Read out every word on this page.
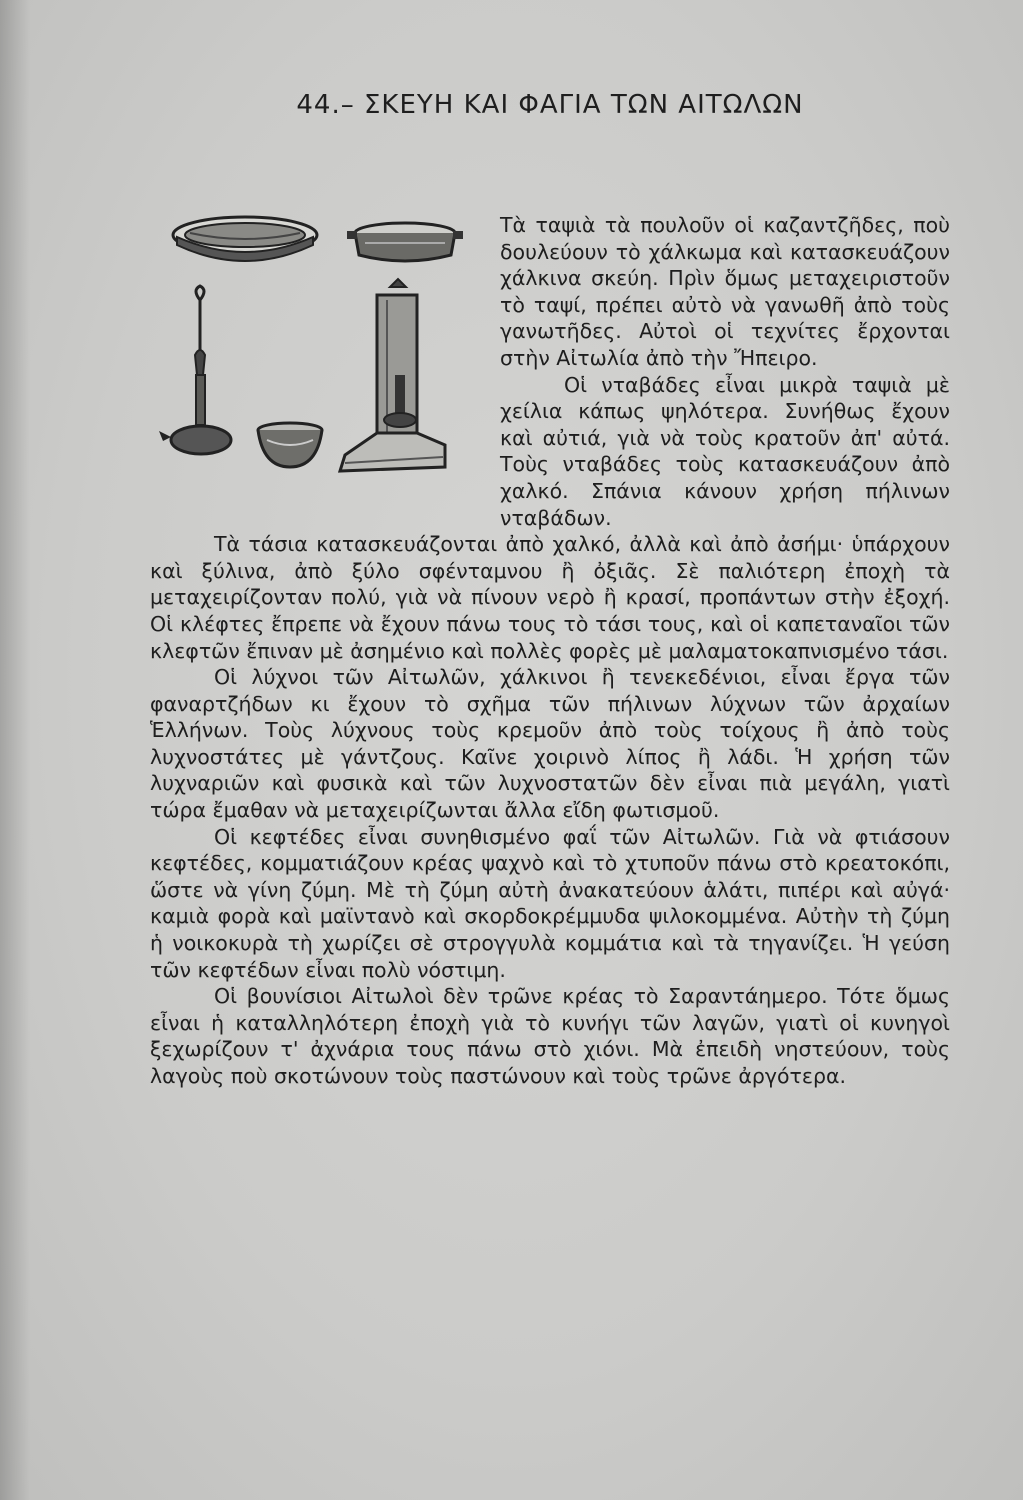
44.– ΣΚΕΥΗ ΚΑΙ ΦΑΓΙΑ ΤΩΝ ΑΙΤΩΛΩΝ

Τὰ ταψιὰ τὰ πουλοῦν οἱ καζαντζῆδες, ποὺ δουλεύουν τὸ χάλκωμα καὶ κατασκευάζουν χάλκινα σκεύη. Πρὶν ὅμως μεταχειριστοῦν τὸ ταψί, πρέπει αὐτὸ νὰ γανωθῆ ἀπὸ τοὺς γανωτῆδες. Αὐτοὶ οἱ τεχνίτες ἔρχονται στὴν Αἰτωλία ἀπὸ τὴν Ἤπειρο.

Οἱ νταβάδες εἶναι μικρὰ ταψιὰ μὲ χείλια κάπως ψηλότερα. Συνήθως ἔχουν καὶ αὐτιά, γιὰ νὰ τοὺς κρατοῦν ἀπ' αὐτά. Τοὺς νταβάδες τοὺς κατασκευάζουν ἀπὸ χαλκό. Σπάνια κάνουν χρήση πήλινων νταβάδων.

Τὰ τάσια κατασκευάζονται ἀπὸ χαλκό, ἀλλὰ καὶ ἀπὸ ἀσήμι· ὑπάρχουν καὶ ξύλινα, ἀπὸ ξύλο σφένταμνου ἢ ὀξιᾶς. Σὲ παλιότερη ἐποχὴ τὰ μεταχειρίζονταν πολύ, γιὰ νὰ πίνουν νερὸ ἢ κρασί, προπάντων στὴν ἐξοχή. Οἱ κλέφτες ἔπρεπε νὰ ἔχουν πάνω τους τὸ τάσι τους, καὶ οἱ καπεταναῖοι τῶν κλεφτῶν ἔπιναν μὲ ἀσημένιο καὶ πολλὲς φορὲς μὲ μαλαματοκαπνισμένο τάσι.

Οἱ λύχνοι τῶν Αἰτωλῶν, χάλκινοι ἢ τενεκεδένιοι, εἶναι ἔργα τῶν φαναρτζήδων κι ἔχουν τὸ σχῆμα τῶν πήλινων λύχνων τῶν ἀρχαίων Ἑλλήνων. Τοὺς λύχνους τοὺς κρεμοῦν ἀπὸ τοὺς τοίχους ἢ ἀπὸ τοὺς λυχνοστάτες μὲ γάντζους. Καῖνε χοιρινὸ λίπος ἢ λάδι. Ἡ χρήση τῶν λυχναριῶν καὶ φυσικὰ καὶ τῶν λυχνοστατῶν δὲν εἶναι πιὰ μεγάλη, γιατὶ τώρα ἔμαθαν νὰ μεταχειρίζωνται ἄλλα εἴδη φωτισμοῦ.

Οἱ κεφτέδες εἶναι συνηθισμένο φαΐ τῶν Αἰτωλῶν. Γιὰ νὰ φτιάσουν κεφτέδες, κομματιάζουν κρέας ψαχνὸ καὶ τὸ χτυποῦν πάνω στὸ κρεατοκόπι, ὥστε νὰ γίνη ζύμη. Μὲ τὴ ζύμη αὐτὴ ἀνακατεύουν ἁλάτι, πιπέρι καὶ αὐγά· καμιὰ φορὰ καὶ μαϊντανὸ καὶ σκορδοκρέμμυδα ψιλοκομμένα. Αὐτὴν τὴ ζύμη ἡ νοικοκυρὰ τὴ χωρίζει σὲ στρογγυλὰ κομμάτια καὶ τὰ τηγανίζει. Ἡ γεύση τῶν κεφτέδων εἶναι πολὺ νόστιμη.

Οἱ βουνίσιοι Αἰτωλοὶ δὲν τρῶνε κρέας τὸ Σαραντάημερο. Τότε ὅμως εἶναι ἡ καταλληλότερη ἐποχὴ γιὰ τὸ κυνήγι τῶν λαγῶν, γιατὶ οἱ κυνηγοὶ ξεχωρίζουν τ' ἀχνάρια τους πάνω στὸ χιόνι. Μὰ ἐπειδὴ νηστεύουν, τοὺς λαγοὺς ποὺ σκοτώνουν τοὺς παστώνουν καὶ τοὺς τρῶνε ἀργότερα.
